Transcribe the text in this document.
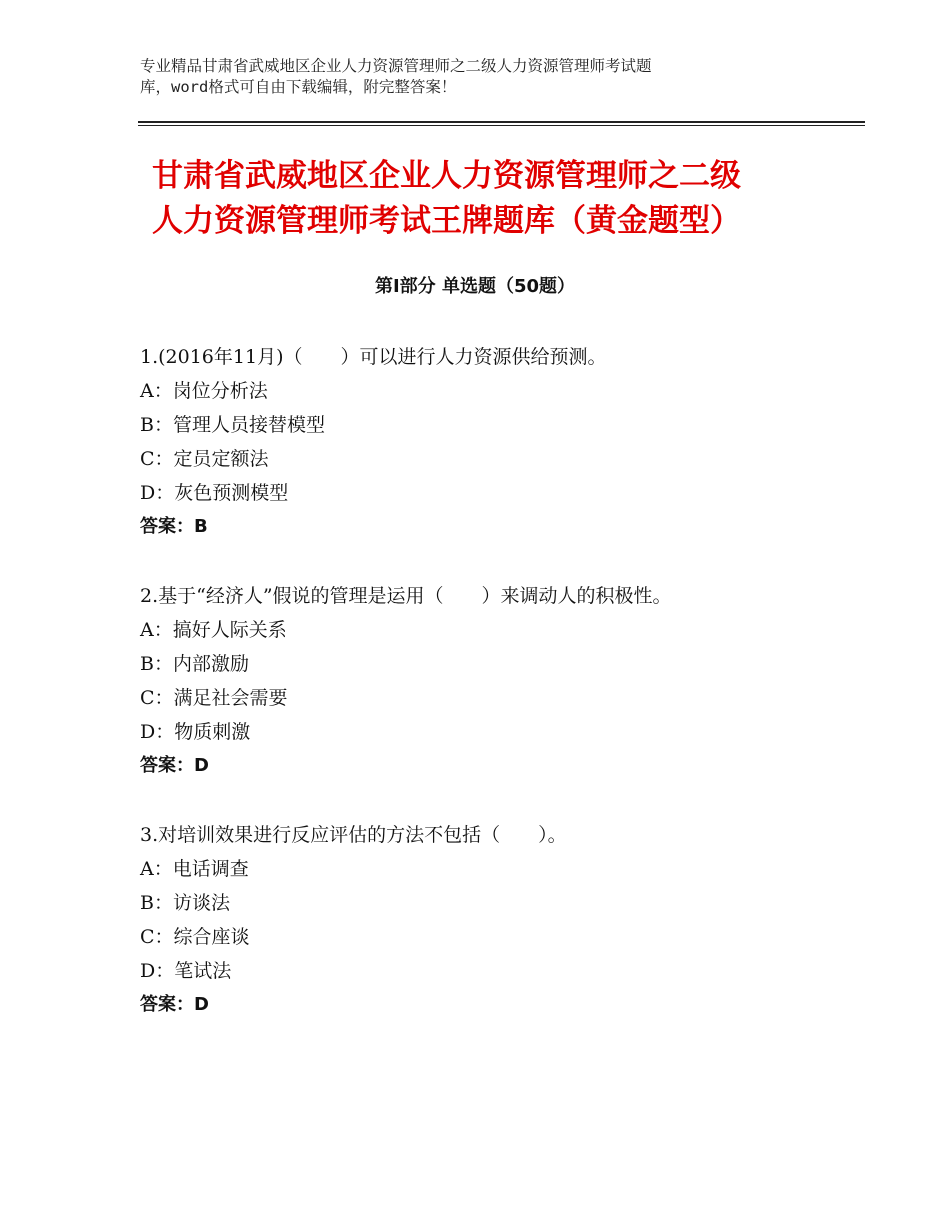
专业精品甘肃省武威地区企业人力资源管理师之二级人力资源管理师考试题
库，word格式可自由下载编辑，附完整答案！
甘肃省武威地区企业人力资源管理师之二级
人力资源管理师考试王牌题库（黄金题型）
第Ⅰ部分 单选题（50题）
1.(2016年11月)（　　）可以进行人力资源供给预测。
A：岗位分析法
B：管理人员接替模型
C：定员定额法
D：灰色预测模型
答案：B
2.基于“经济人”假说的管理是运用（　　）来调动人的积极性。
A：搞好人际关系
B：内部激励
C：满足社会需要
D：物质刺激
答案：D
3.对培训效果进行反应评估的方法不包括（　　）。
A：电话调查
B：访谈法
C：综合座谈
D：笔试法
答案：D
